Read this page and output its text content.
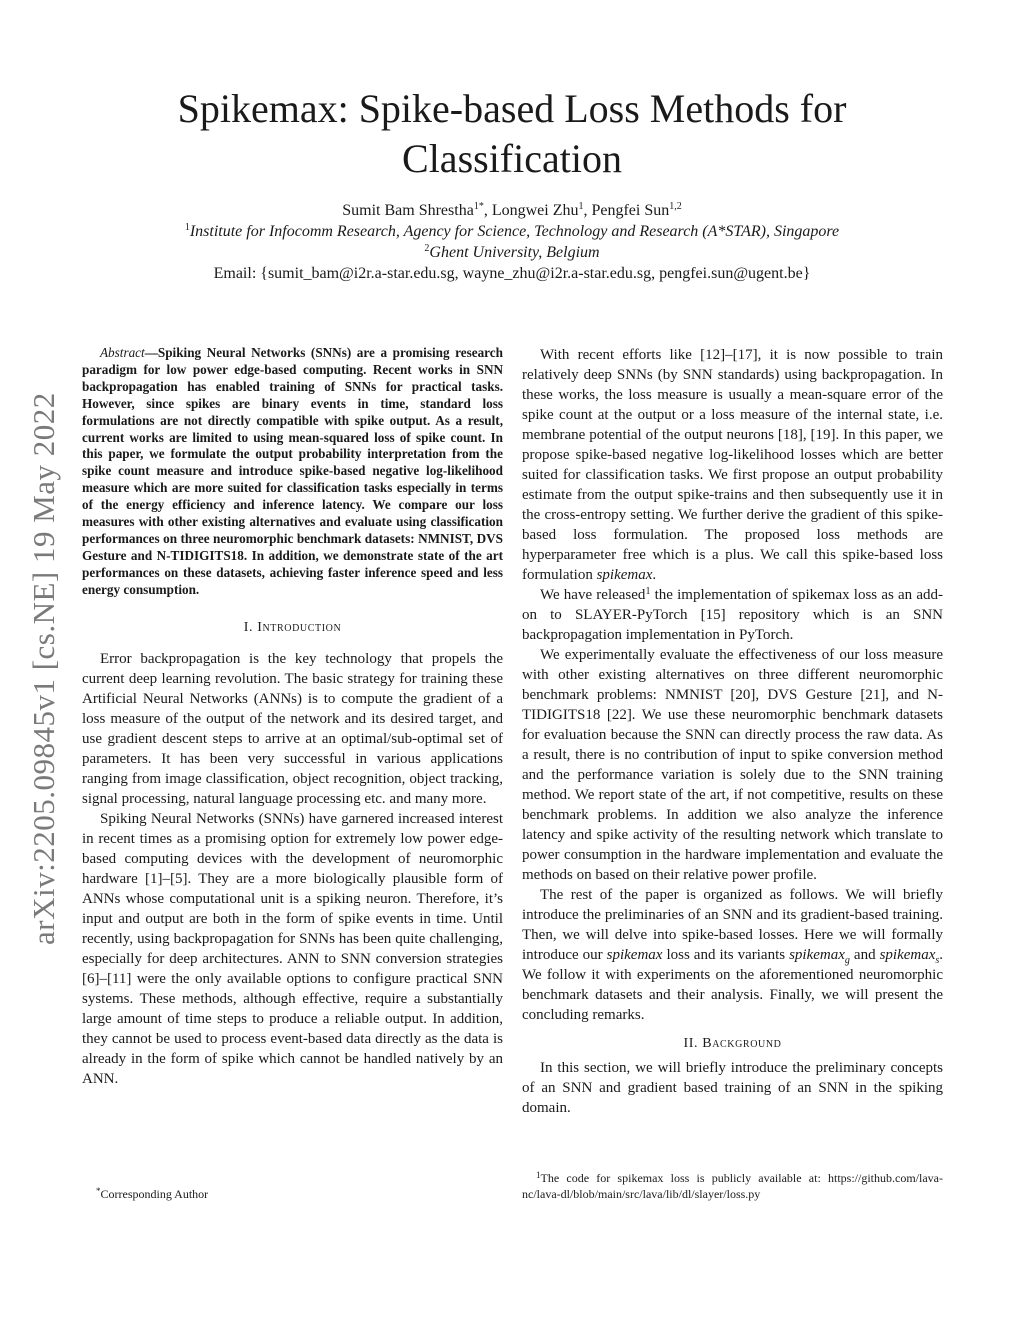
arXiv:2205.09845v1 [cs.NE] 19 May 2022
Spikemax: Spike-based Loss Methods for Classification
Sumit Bam Shrestha$^{1*}$, Longwei Zhu$^1$, Pengfei Sun$^{1,2}$
$^1$Institute for Infocomm Research, Agency for Science, Technology and Research (A*STAR), Singapore
$^2$Ghent University, Belgium
Email: {sumit_bam@i2r.a-star.edu.sg, wayne_zhu@i2r.a-star.edu.sg, pengfei.sun@ugent.be}

Abstract—Spiking Neural Networks (SNNs) are a promising research paradigm for low power edge-based computing. Recent works in SNN backpropagation has enabled training of SNNs for practical tasks. However, since spikes are binary events in time, standard loss formulations are not directly compatible with spike output. As a result, current works are limited to using mean-squared loss of spike count. In this paper, we formulate the output probability interpretation from the spike count measure and introduce spike-based negative log-likelihood measure which are more suited for classification tasks especially in terms of the energy efficiency and inference latency. We compare our loss measures with other existing alternatives and evaluate using classification performances on three neuromorphic benchmark datasets: NMNIST, DVS Gesture and N-TIDIGITS18. In addition, we demonstrate state of the art performances on these datasets, achieving faster inference speed and less energy consumption.

I. Introduction

Error backpropagation is the key technology that propels the current deep learning revolution. The basic strategy for training these Artificial Neural Networks (ANNs) is to compute the gradient of a loss measure of the output of the network and its desired target, and use gradient descent steps to arrive at an optimal/sub-optimal set of parameters. It has been very successful in various applications ranging from image classification, object recognition, object tracking, signal processing, natural language processing etc. and many more.

Spiking Neural Networks (SNNs) have garnered increased interest in recent times as a promising option for extremely low power edge-based computing devices with the development of neuromorphic hardware [1]–[5]. They are a more biologically plausible form of ANNs whose computational unit is a spiking neuron. Therefore, it’s input and output are both in the form of spike events in time. Until recently, using backpropagation for SNNs has been quite challenging, especially for deep architectures. ANN to SNN conversion strategies [6]–[11] were the only available options to configure practical SNN systems. These methods, although effective, require a substantially large amount of time steps to produce a reliable output. In addition, they cannot be used to process event-based data directly as the data is already in the form of spike which cannot be handled natively by an ANN.

*Corresponding Author

With recent efforts like [12]–[17], it is now possible to train relatively deep SNNs (by SNN standards) using backpropagation. In these works, the loss measure is usually a mean-square error of the spike count at the output or a loss measure of the internal state, i.e. membrane potential of the output neurons [18], [19]. In this paper, we propose spike-based negative log-likelihood losses which are better suited for classification tasks. We first propose an output probability estimate from the output spike-trains and then subsequently use it in the cross-entropy setting. We further derive the gradient of this spike-based loss formulation. The proposed loss methods are hyperparameter free which is a plus. We call this spike-based loss formulation spikemax.

We have released$^1$ the implementation of spikemax loss as an add-on to SLAYER-PyTorch [15] repository which is an SNN backpropagation implementation in PyTorch.

We experimentally evaluate the effectiveness of our loss measure with other existing alternatives on three different neuromorphic benchmark problems: NMNIST [20], DVS Gesture [21], and N-TIDIGITS18 [22]. We use these neuromorphic benchmark datasets for evaluation because the SNN can directly process the raw data. As a result, there is no contribution of input to spike conversion method and the performance variation is solely due to the SNN training method. We report state of the art, if not competitive, results on these benchmark problems. In addition we also analyze the inference latency and spike activity of the resulting network which translate to power consumption in the hardware implementation and evaluate the methods on based on their relative power profile.

The rest of the paper is organized as follows. We will briefly introduce the preliminaries of an SNN and its gradient-based training. Then, we will delve into spike-based losses. Here we will formally introduce our spikemax loss and its variants spikemax$_g$ and spikemax$_s$. We follow it with experiments on the aforementioned neuromorphic benchmark datasets and their analysis. Finally, we will present the concluding remarks.

II. Background

In this section, we will briefly introduce the preliminary concepts of an SNN and gradient based training of an SNN in the spiking domain.

$^1$The code for spikemax loss is publicly available at: https://github.com/lava-nc/lava-dl/blob/main/src/lava/lib/dl/slayer/loss.py
